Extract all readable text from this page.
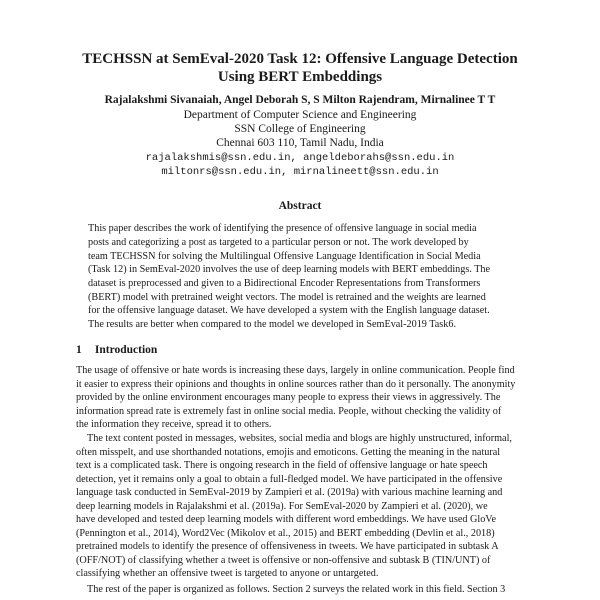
TECHSSN at SemEval-2020 Task 12: Offensive Language Detection
Using BERT Embeddings
Rajalakshmi Sivanaiah, Angel Deborah S, S Milton Rajendram, Mirnalinee T T
Department of Computer Science and Engineering
SSN College of Engineering
Chennai 603 110, Tamil Nadu, India
rajalakshmis@ssn.edu.in, angeldeborahs@ssn.edu.in
miltonrs@ssn.edu.in, mirnalineett@ssn.edu.in
Abstract
This paper describes the work of identifying the presence of offensive language in social media
posts and categorizing a post as targeted to a particular person or not. The work developed by
team TECHSSN for solving the Multilingual Offensive Language Identification in Social Media
(Task 12) in SemEval-2020 involves the use of deep learning models with BERT embeddings. The
dataset is preprocessed and given to a Bidirectional Encoder Representations from Transformers
(BERT) model with pretrained weight vectors. The model is retrained and the weights are learned
for the offensive language dataset. We have developed a system with the English language dataset.
The results are better when compared to the model we developed in SemEval-2019 Task6.
1 Introduction
The usage of offensive or hate words is increasing these days, largely in online communication. People find
it easier to express their opinions and thoughts in online sources rather than do it personally. The anonymity
provided by the online environment encourages many people to express their views in aggressively. The
information spread rate is extremely fast in online social media. People, without checking the validity of
the information they receive, spread it to others.
The text content posted in messages, websites, social media and blogs are highly unstructured, informal,
often misspelt, and use shorthanded notations, emojis and emoticons. Getting the meaning in the natural
text is a complicated task. There is ongoing research in the field of offensive language or hate speech
detection, yet it remains only a goal to obtain a full-fledged model. We have participated in the offensive
language task conducted in SemEval-2019 by Zampieri et al. (2019a) with various machine learning and
deep learning models in Rajalakshmi et al. (2019a). For SemEval-2020 by Zampieri et al. (2020), we
have developed and tested deep learning models with different word embeddings. We have used GloVe
(Pennington et al., 2014), Word2Vec (Mikolov et al., 2015) and BERT embedding (Devlin et al., 2018)
pretrained models to identify the presence of offensiveness in tweets. We have participated in subtask A
(OFF/NOT) of classifying whether a tweet is offensive or non-offensive and subtask B (TIN/UNT) of
classifying whether an offensive tweet is targeted to anyone or untargeted.
The rest of the paper is organized as follows. Section 2 surveys the related work in this field. Section 3
